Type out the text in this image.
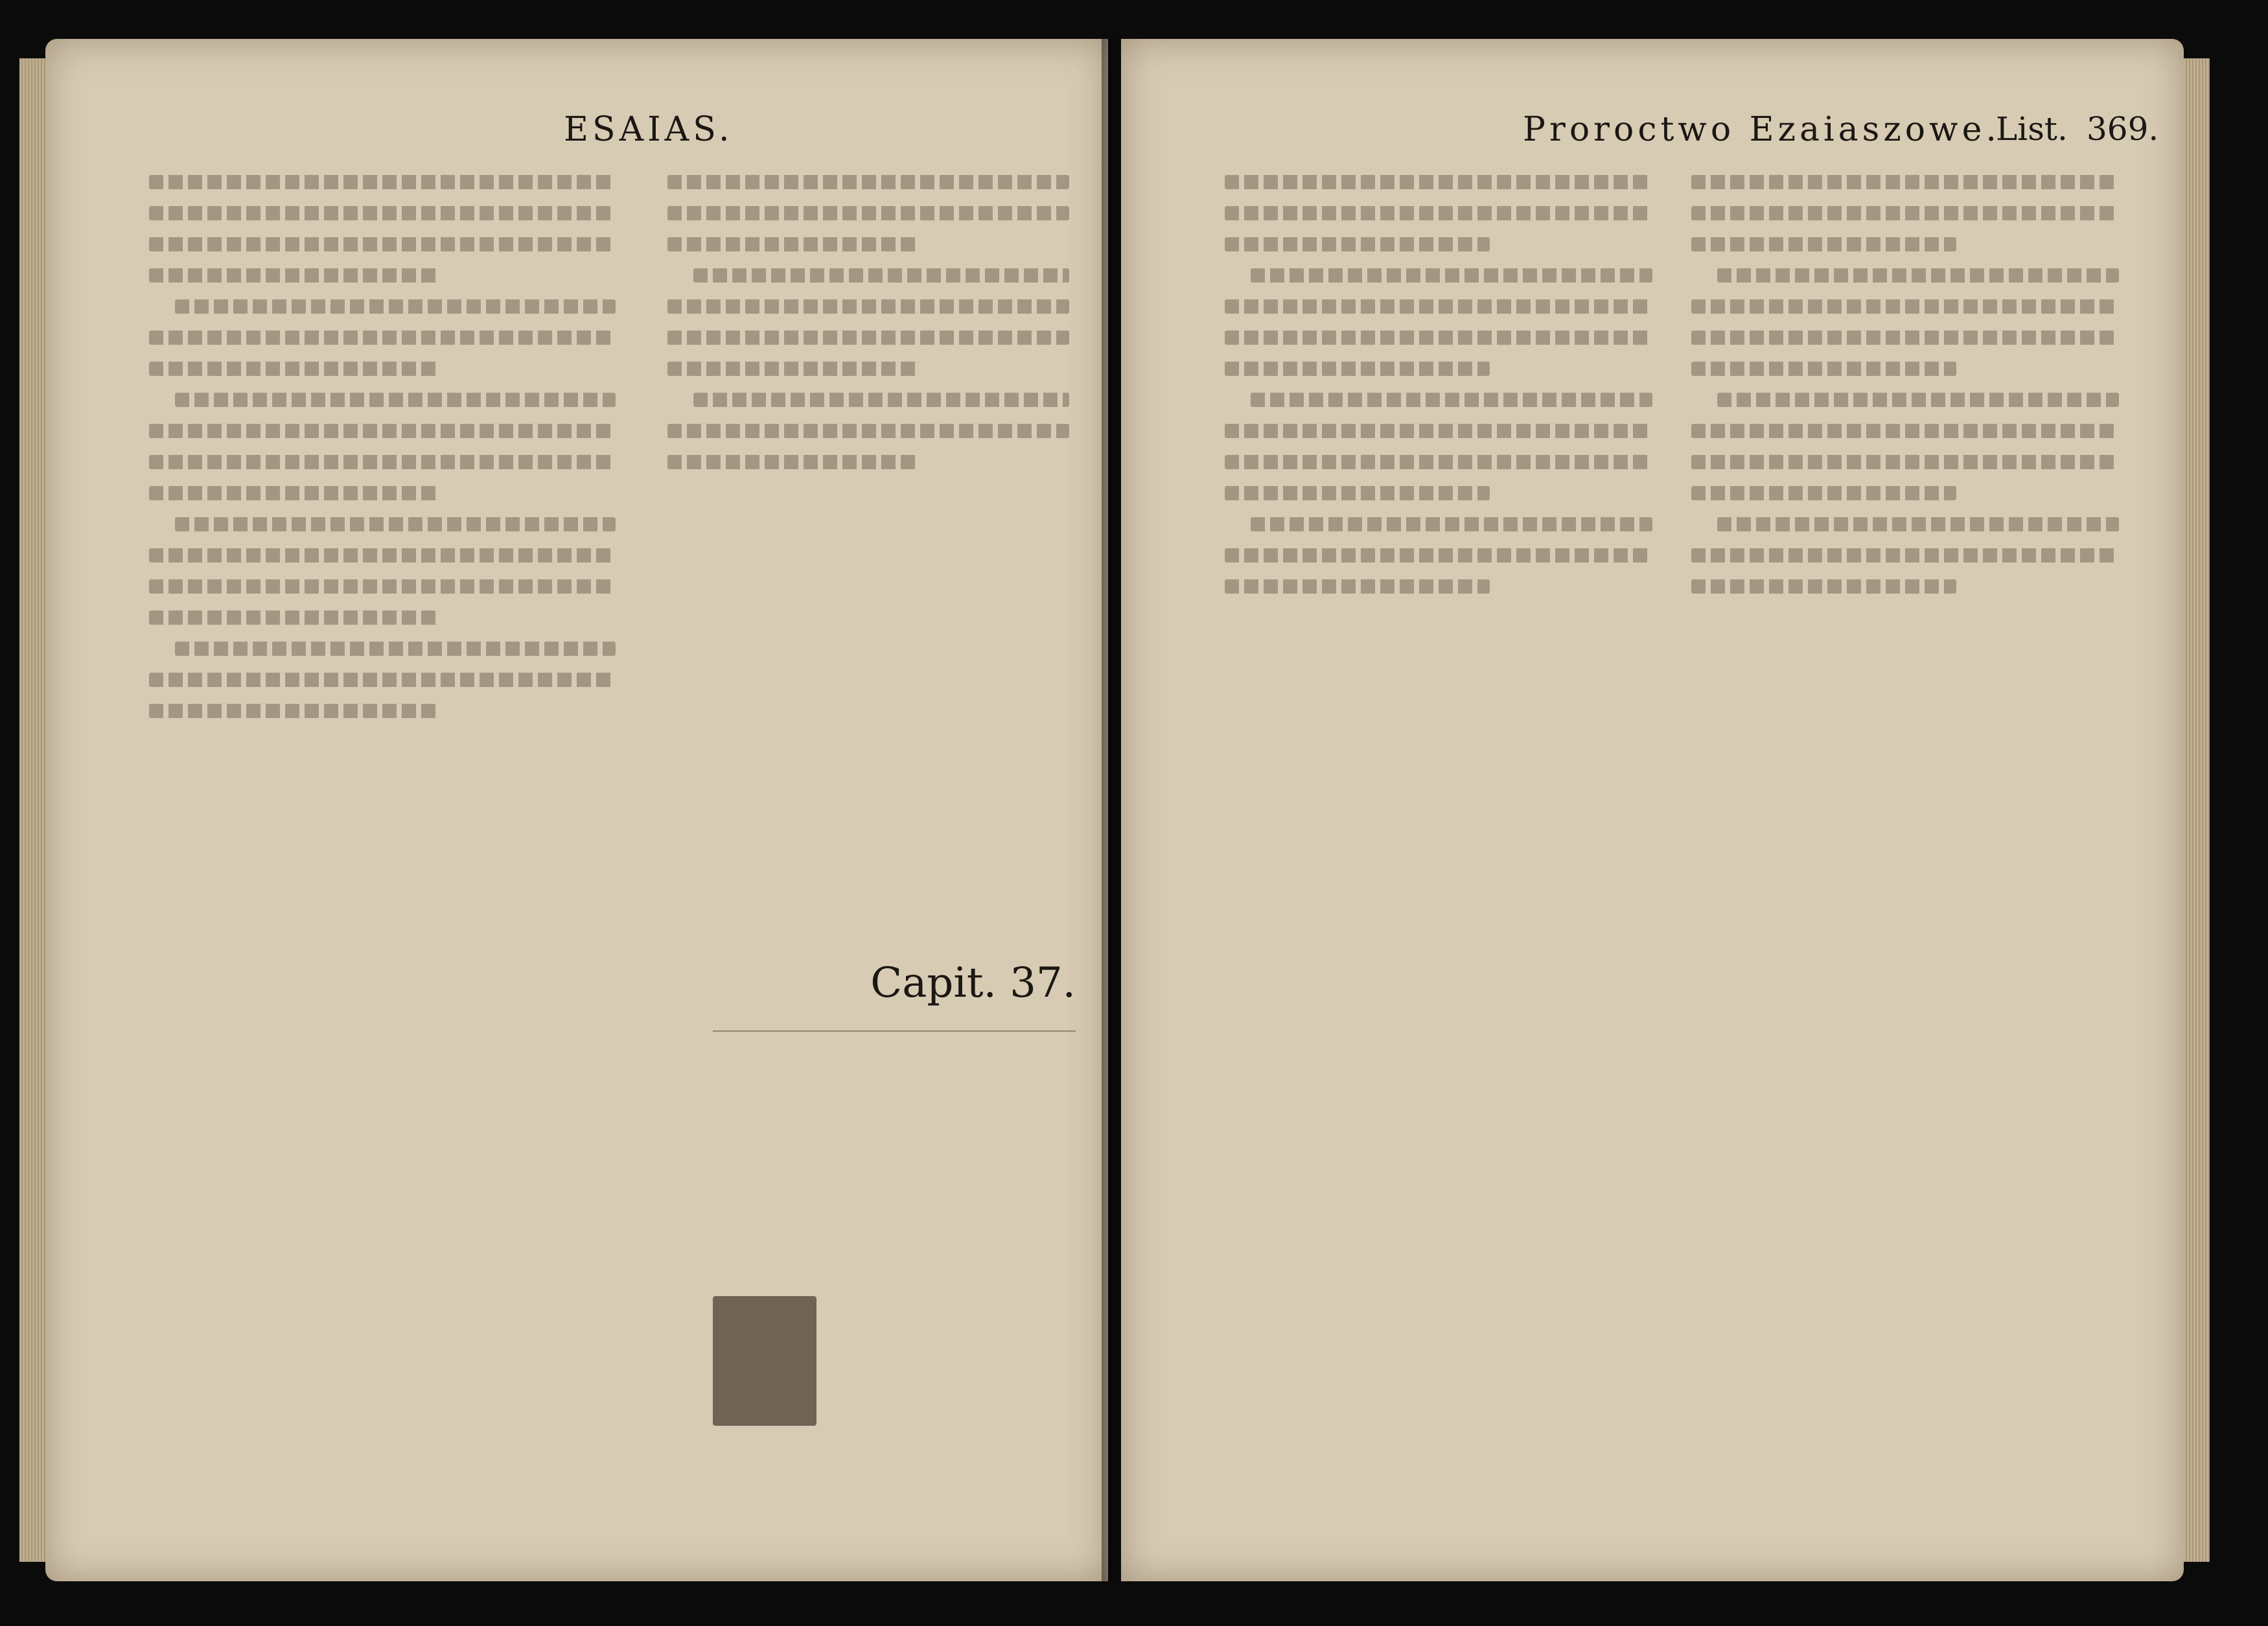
ESAIAS.
Capit. 37.
Proroctwo Ezaiaszowe.
List. 369.
